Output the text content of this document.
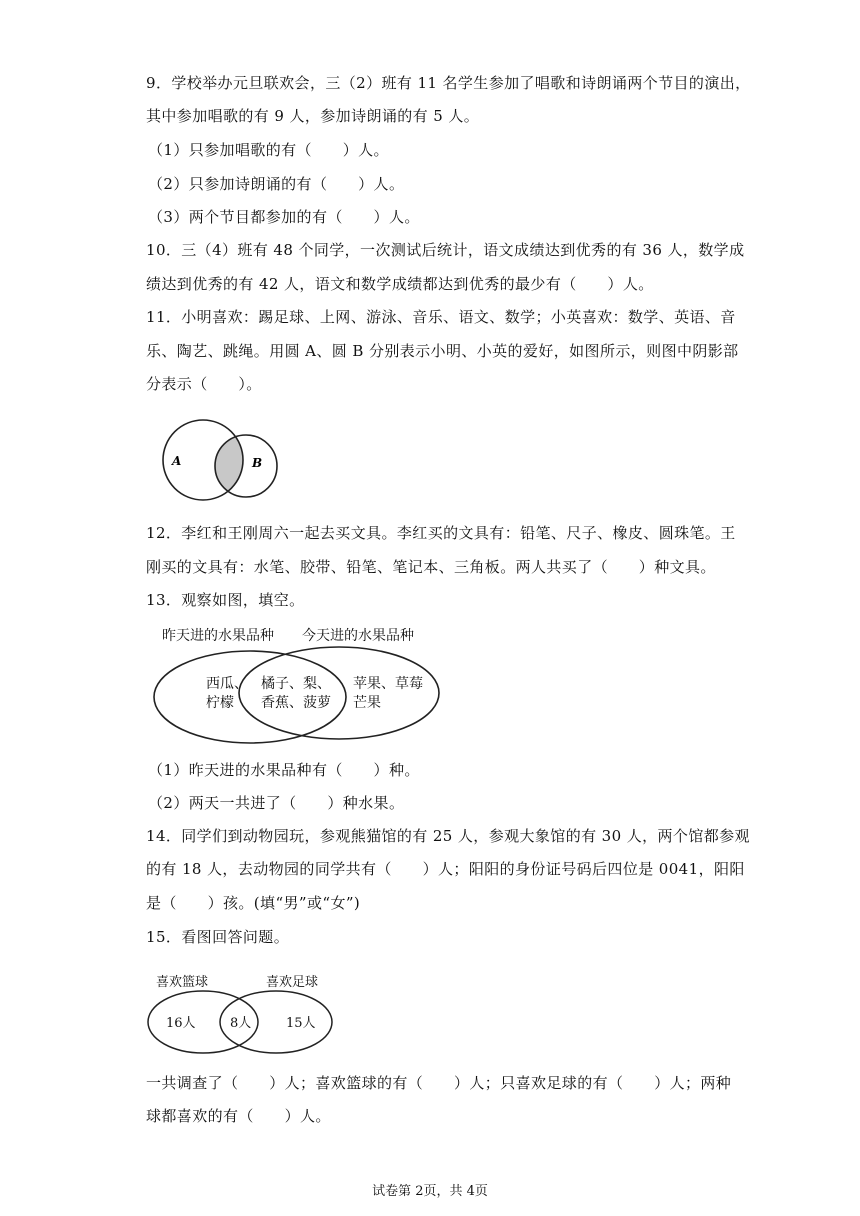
9．学校举办元旦联欢会，三（2）班有 11 名学生参加了唱歌和诗朗诵两个节目的演出，
其中参加唱歌的有 9 人，参加诗朗诵的有 5 人。
（1）只参加唱歌的有（　　）人。
（2）只参加诗朗诵的有（　　）人。
（3）两个节目都参加的有（　　）人。
10．三（4）班有 48 个同学，一次测试后统计，语文成绩达到优秀的有 36 人，数学成
绩达到优秀的有 42 人，语文和数学成绩都达到优秀的最少有（　　）人。
11．小明喜欢：踢足球、上网、游泳、音乐、语文、数学；小英喜欢：数学、英语、音
乐、陶艺、跳绳。用圆 A、圆 B 分别表示小明、小英的爱好，如图所示，则图中阴影部
分表示（　　）。
A	B
12．李红和王刚周六一起去买文具。李红买的文具有：铅笔、尺子、橡皮、圆珠笔。王
刚买的文具有：水笔、胶带、铅笔、笔记本、三角板。两人共买了（　　）种文具。
13．观察如图，填空。
昨天进的水果品种 今天进的水果品种
西瓜、
柠檬
橘子、梨、
香蕉、菠萝
苹果、草莓
芒果
（1）昨天进的水果品种有（　　）种。
（2）两天一共进了（　　）种水果。
14．同学们到动物园玩，参观熊猫馆的有 25 人，参观大象馆的有 30 人，两个馆都参观
的有 18 人，去动物园的同学共有（　　）人；阳阳的身份证号码后四位是 0041，阳阳
是（　　）孩。(填“男”或“女”)
15．看图回答问题。
喜欢篮球	喜欢足球
16人	8人	15人
一共调查了（　　）人；喜欢篮球的有（　　）人；只喜欢足球的有（　　）人；两种
球都喜欢的有（　　）人。
试卷第 2页，共 4页
